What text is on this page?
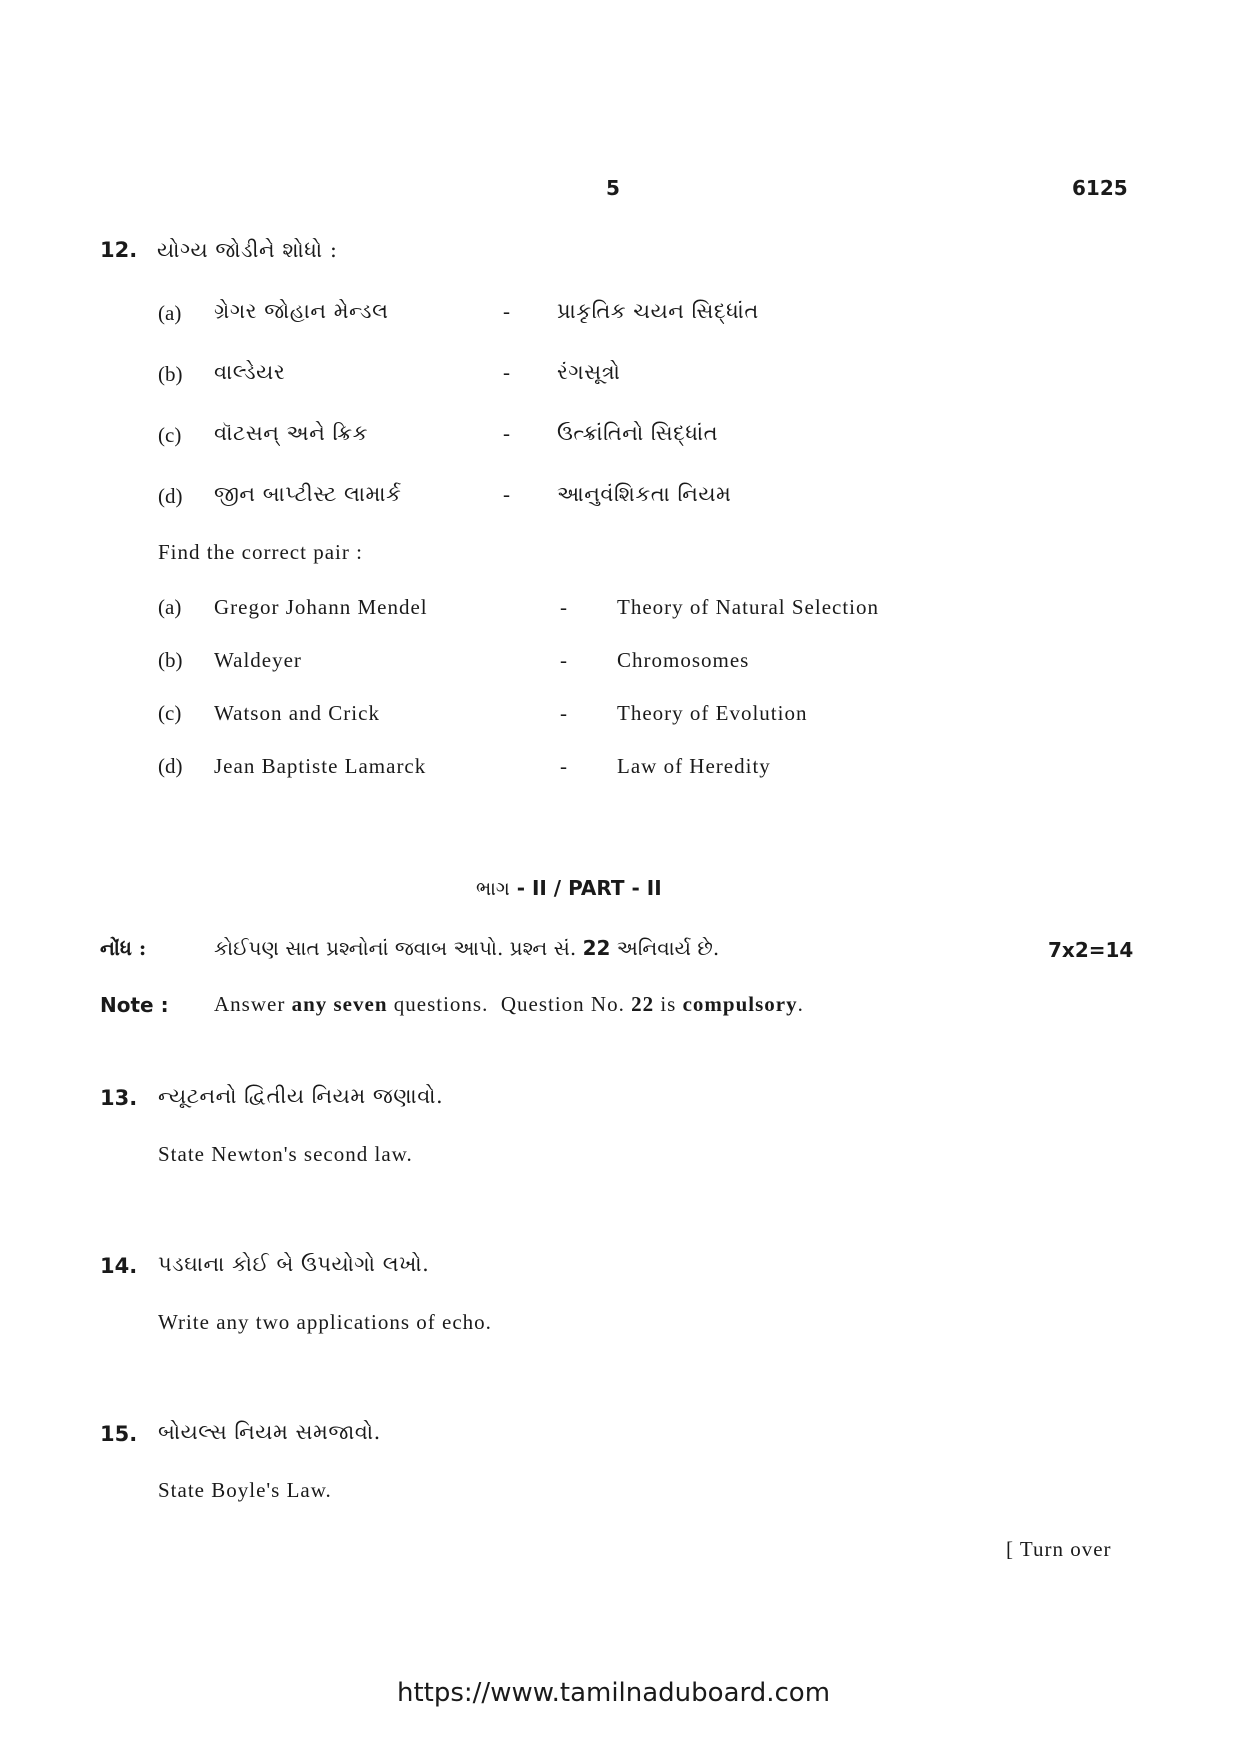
5	6125
12. યોગ્ય જોડીને શોધો :
(a) ગ્રેગર જોહાન મેન્ડલ	- પ્રાકૃતિક ચયન સિદ્ધાંત
(b) વાલ્ડેયર	- રંગસૂત્રો
(c) વૉટસન્ અને ક્રિક	- ઉત્ક્રાંતિનો સિદ્ધાંત
(d) જીન બાપ્ટીસ્ટ લામાર્ક	- આનુવંશિકતા નિયમ
Find the correct pair :
(a) Gregor Johann Mendel	- Theory of Natural Selection
(b) Waldeyer	- Chromosomes
(c) Watson and Crick	- Theory of Evolution
(d) Jean Baptiste Lamarck	- Law of Heredity
ભાગ - II / PART - II
નોંધ :	કોઈપણ સાત પ્રશ્નોનાં જવાબ આપો. પ્રશ્ન સં. 22 અનિવાર્ય છે.	7x2=14
Note : Answer any seven questions.  Question No. 22 is compulsory.
13. ન્યૂટનનો દ્વિતીય નિયમ જણાવો.
State Newton's second law.
14. પડઘાના કોઈ બે ઉપયોગો લખો.
Write any two applications of echo.
15. બોયલ્સ નિયમ સમજાવો.
State Boyle's Law.
[ Turn over
https://www.tamilnaduboard.com
